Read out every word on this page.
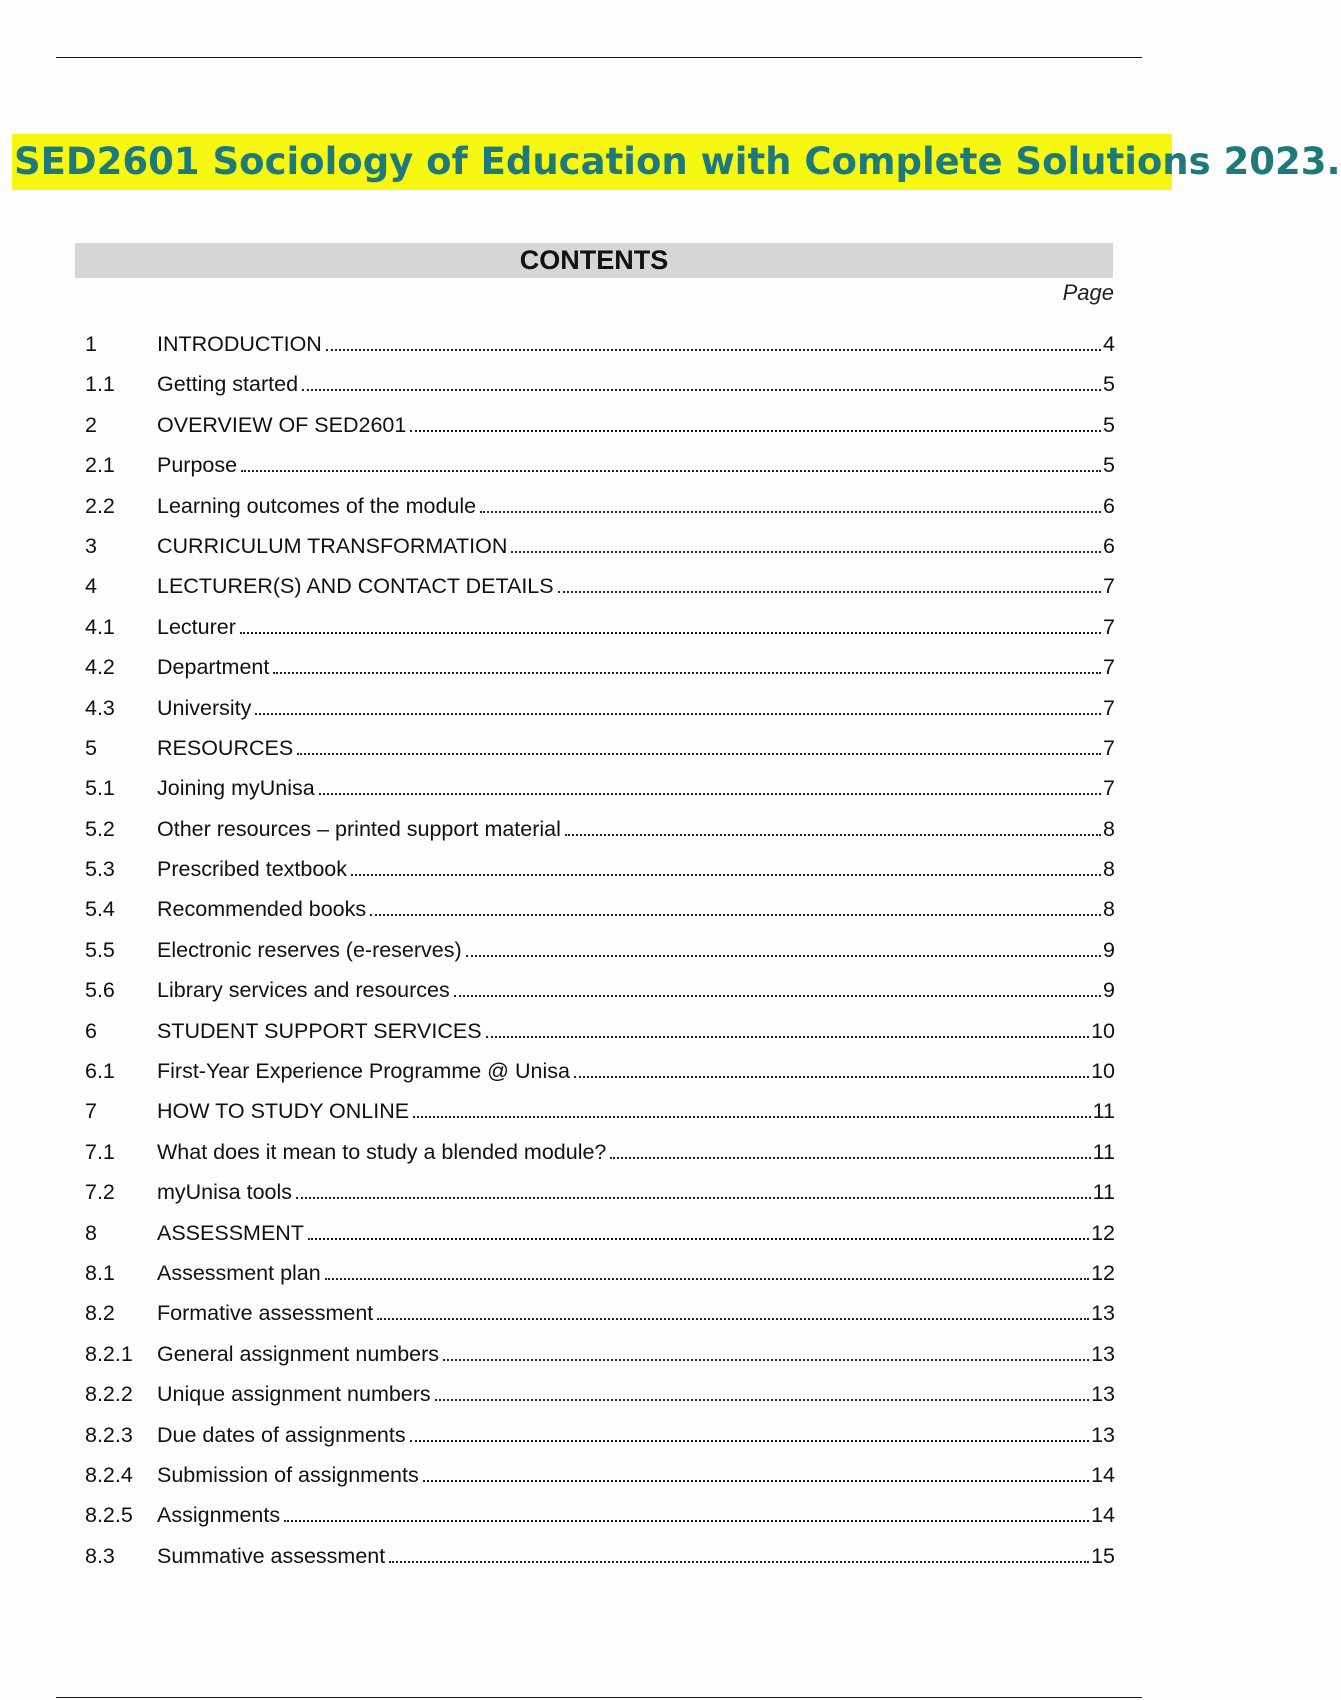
SED2601 Sociology of Education with Complete Solutions 2023.
CONTENTS
Page
1	INTRODUCTION	4
1.1	Getting started	5
2	OVERVIEW OF SED2601	5
2.1	Purpose	5
2.2	Learning outcomes of the module	6
3	CURRICULUM TRANSFORMATION	6
4	LECTURER(S) AND CONTACT DETAILS	7
4.1	Lecturer	7
4.2	Department	7
4.3	University	7
5	RESOURCES	7
5.1	Joining myUnisa	7
5.2	Other resources – printed support material	8
5.3	Prescribed textbook	8
5.4	Recommended books	8
5.5	Electronic reserves (e-reserves)	9
5.6	Library services and resources	9
6	STUDENT SUPPORT SERVICES	10
6.1	First-Year Experience Programme @ Unisa	10
7	HOW TO STUDY ONLINE	11
7.1	What does it mean to study a blended module?	11
7.2	myUnisa tools	11
8	ASSESSMENT	12
8.1	Assessment plan	12
8.2	Formative assessment	13
8.2.1	General assignment numbers	13
8.2.2	Unique assignment numbers	13
8.2.3	Due dates of assignments	13
8.2.4	Submission of assignments	14
8.2.5	Assignments	14
8.3	Summative assessment	15
